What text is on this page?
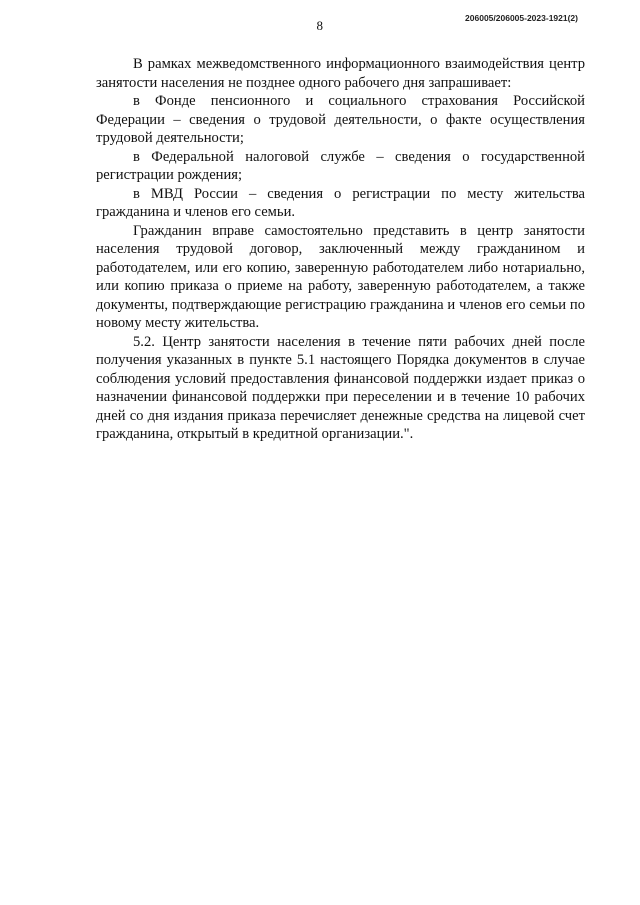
8	206005/206005-2023-1921(2)

В рамках межведомственного информационного взаимодействия центр занятости населения не позднее одного рабочего дня запрашивает:

в Фонде пенсионного и социального страхования Российской Федерации – сведения о трудовой деятельности, о факте осуществления трудовой деятельности;

в Федеральной налоговой службе – сведения о государственной регистрации рождения;

в МВД России – сведения о регистрации по месту жительства гражданина и членов его семьи.

Гражданин вправе самостоятельно представить в центр занятости населения трудовой договор, заключенный между гражданином и работодателем, или его копию, заверенную работодателем либо нотариально, или копию приказа о приеме на работу, заверенную работодателем, а также документы, подтверждающие регистрацию гражданина и членов его семьи по новому месту жительства.

5.2. Центр занятости населения в течение пяти рабочих дней после получения указанных в пункте 5.1 настоящего Порядка документов в случае соблюдения условий предоставления финансовой поддержки издает приказ о назначении финансовой поддержки при переселении и в течение 10 рабочих дней со дня издания приказа перечисляет денежные средства на лицевой счет гражданина, открытый в кредитной организации.".
